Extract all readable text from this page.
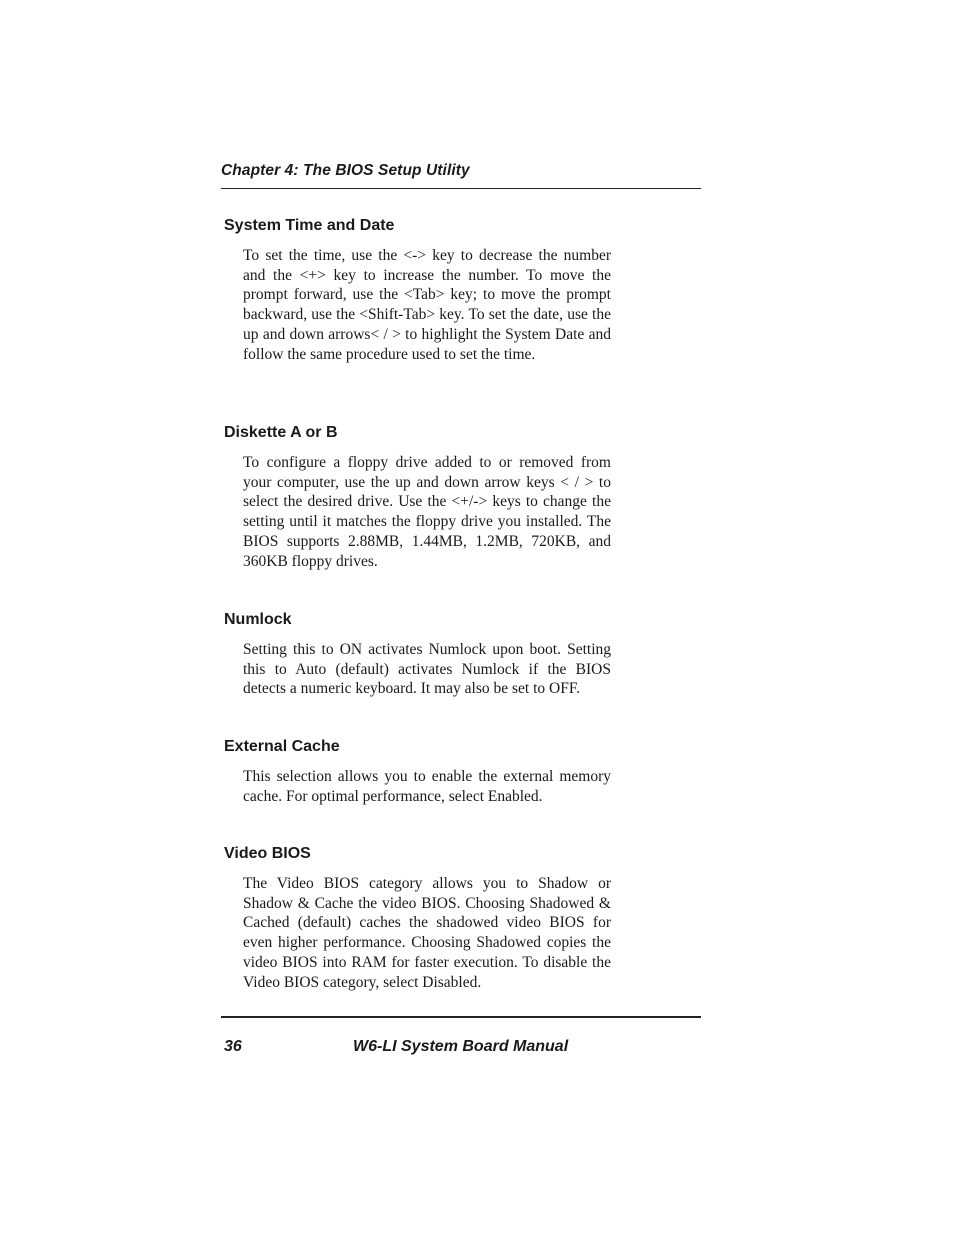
Chapter 4: The BIOS Setup Utility
System Time and Date

To set the time, use the <-> key to decrease the number and the <+> key to increase the number. To move the prompt forward, use the <Tab> key; to move the prompt backward, use the <Shift-Tab> key. To set the date, use the up and down arrows< / > to highlight the System Date and follow the same procedure used to set the time.

Diskette A or B

To configure a floppy drive added to or removed from your computer, use the up and down arrow keys < / > to select the desired drive. Use the <+/-> keys to change the setting until it matches the floppy drive you installed. The BIOS supports 2.88MB, 1.44MB, 1.2MB, 720KB, and 360KB floppy drives.

Numlock

Setting this to ON activates Numlock upon boot. Setting this to Auto (default) activates Numlock if the BIOS detects a numeric keyboard. It may also be set to OFF.

External Cache

This selection allows you to enable the external memory cache. For optimal performance, select Enabled.

Video BIOS

The Video BIOS category allows you to Shadow or Shadow & Cache the video BIOS. Choosing Shadowed & Cached (default) caches the shadowed video BIOS for even higher performance. Choosing Shadowed copies the video BIOS into RAM for faster execution. To disable the Video BIOS category, select Disabled.

36	W6-LI System Board Manual
